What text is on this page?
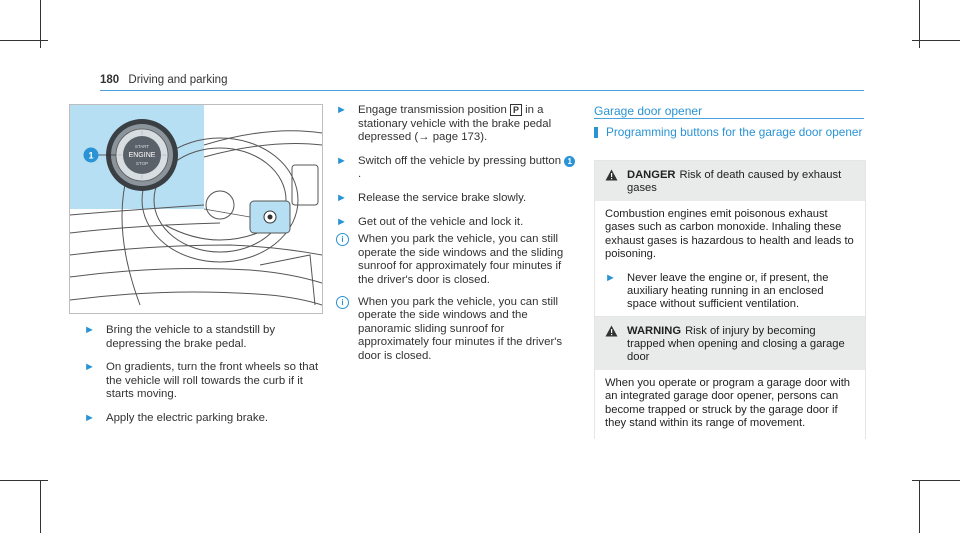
180 Driving and parking
START
ENGINE
STOP
1
► Bring the vehicle to a standstill by depressing the brake pedal.
► On gradients, turn the front wheels so that the vehicle will roll towards the curb if it starts moving.
► Apply the electric parking brake.
► Engage transmission position P in a stationary vehicle with the brake pedal depressed (→ page 173).
► Switch off the vehicle by pressing button 1.
► Release the service brake slowly.
► Get out of the vehicle and lock it.
i	When you park the vehicle, you can still operate the side windows and the sliding sunroof for approximately four minutes if the driver's door is closed.
i	When you park the vehicle, you can still operate the side windows and the panoramic sliding sunroof for approximately four minutes if the driver's door is closed.
Garage door opener
Programming buttons for the garage door opener
DANGER Risk of death caused by exhaust gases
Combustion engines emit poisonous exhaust gases such as carbon monoxide. Inhaling these exhaust gases is hazardous to health and leads to poisoning.
► Never leave the engine or, if present, the auxiliary heating running in an enclosed space without sufficient ventilation.
WARNING Risk of injury by becoming trapped when opening and closing a garage door
When you operate or program a garage door with an integrated garage door opener, persons can become trapped or struck by the garage door if they stand within its range of movement.
